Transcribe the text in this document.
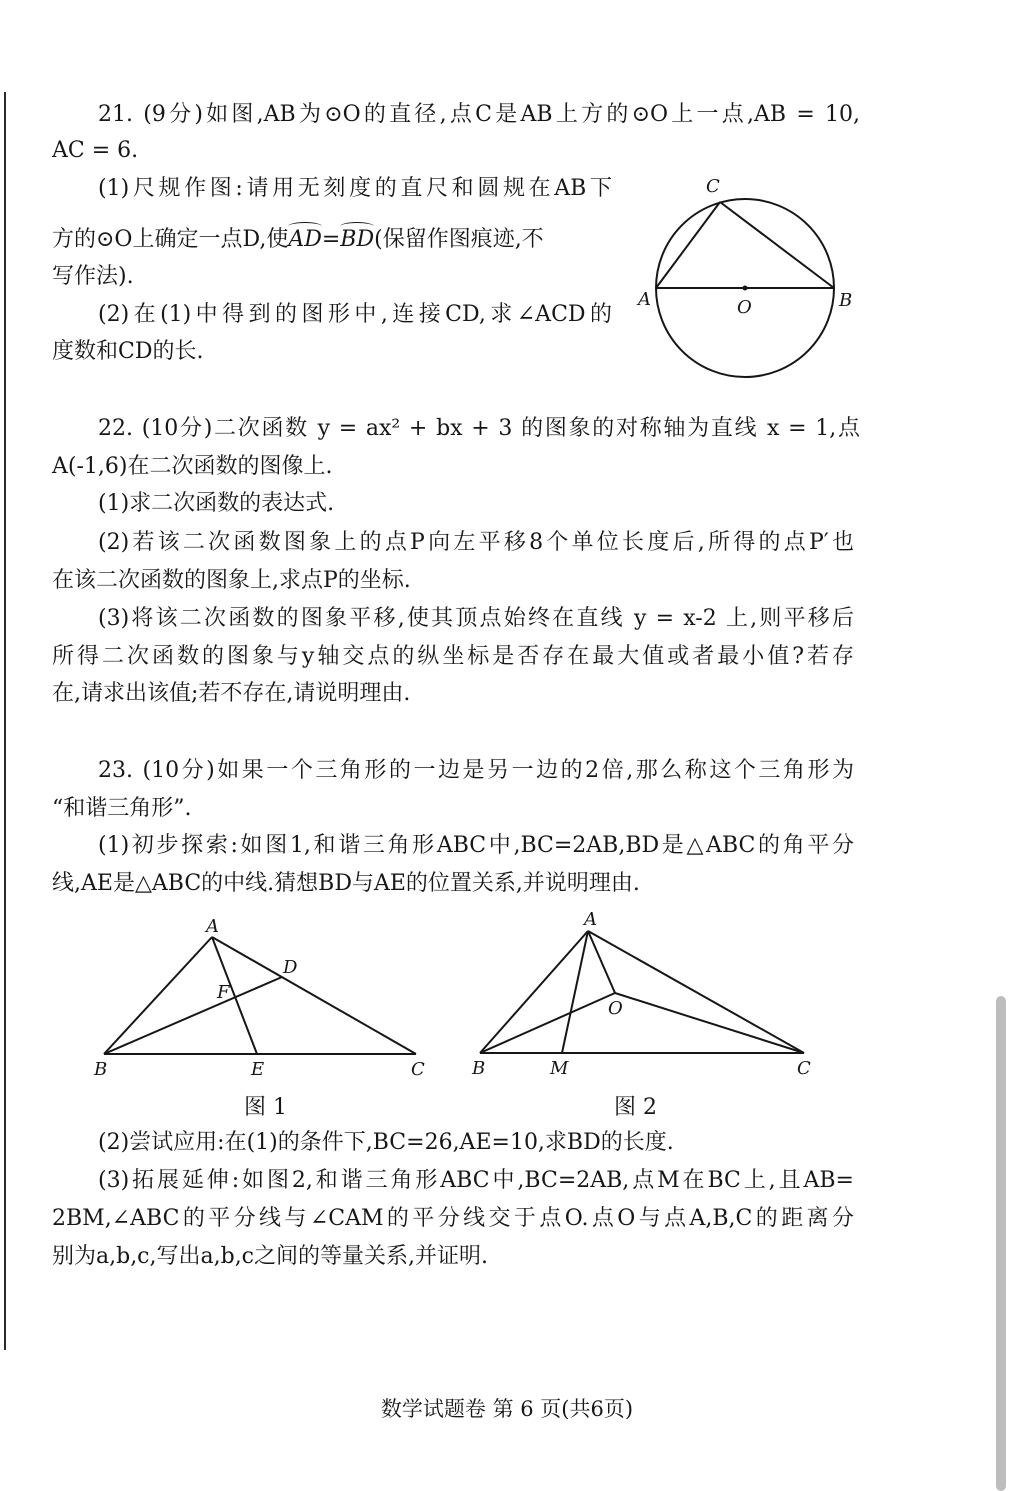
21. (9分)如图,AB为⊙O的直径,点C是AB上方的⊙O上一点,AB = 10,
AC = 6.
(1)尺规作图:请用无刻度的直尺和圆规在AB下
方的⊙O上确定一点D,使AD=BD(保留作图痕迹,不
写作法).
(2)在(1)中得到的图形中,连接CD,求∠ACD的
度数和CD的长.
C
A	B
O
22. (10分)二次函数 y = ax² + bx + 3 的图象的对称轴为直线 x = 1,点
A(-1,6)在二次函数的图像上.
(1)求二次函数的表达式.
(2)若该二次函数图象上的点P向左平移8个单位长度后,所得的点P′也
在该二次函数的图象上,求点P的坐标.
(3)将该二次函数的图象平移,使其顶点始终在直线 y = x-2 上,则平移后
所得二次函数的图象与y轴交点的纵坐标是否存在最大值或者最小值?若存
在,请求出该值;若不存在,请说明理由.
23. (10分)如果一个三角形的一边是另一边的2倍,那么称这个三角形为
“和谐三角形”.
(1)初步探索:如图1,和谐三角形ABC中,BC=2AB,BD是△ABC的角平分
线,AE是△ABC的中线.猜想BD与AE的位置关系,并说明理由.
A
D
F
B	E	C
图 1
A
O
B	M	C
图 2
(2)尝试应用:在(1)的条件下,BC=26,AE=10,求BD的长度.
(3)拓展延伸:如图2,和谐三角形ABC中,BC=2AB,点M在BC上,且AB=
2BM,∠ABC的平分线与∠CAM的平分线交于点O.点O与点A,B,C的距离分
别为a,b,c,写出a,b,c之间的等量关系,并证明.
数学试题卷 第 6 页(共6页)
